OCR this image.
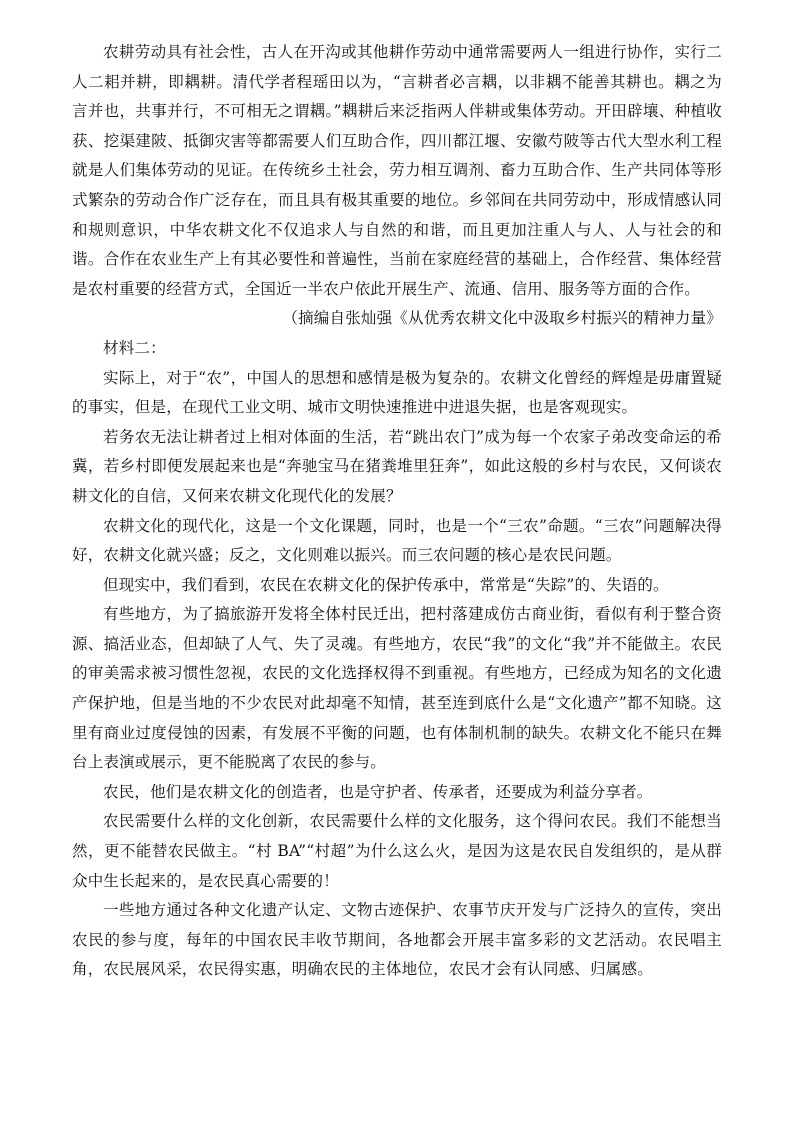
农耕劳动具有社会性，古人在开沟或其他耕作劳动中通常需要两人一组进行协作，实行二人二耜并耕，即耦耕。清代学者程瑶田以为，“言耕者必言耦，以非耦不能善其耕也。耦之为言并也，共事并行，不可相无之谓耦。”耦耕后来泛指两人伴耕或集体劳动。开田辟壤、种植收获、挖渠建陂、抵御灾害等都需要人们互助合作，四川都江堰、安徽芍陂等古代大型水利工程就是人们集体劳动的见证。在传统乡土社会，劳力相互调剂、畜力互助合作、生产共同体等形式繁杂的劳动合作广泛存在，而且具有极其重要的地位。乡邻间在共同劳动中，形成情感认同和规则意识，中华农耕文化不仅追求人与自然的和谐，而且更加注重人与人、人与社会的和谐。合作在农业生产上有其必要性和普遍性，当前在家庭经营的基础上，合作经营、集体经营是农村重要的经营方式，全国近一半农户依此开展生产、流通、信用、服务等方面的合作。

（摘编自张灿强《从优秀农耕文化中汲取乡村振兴的精神力量》

材料二：

实际上，对于“农”，中国人的思想和感情是极为复杂的。农耕文化曾经的辉煌是毋庸置疑的事实，但是，在现代工业文明、城市文明快速推进中进退失据，也是客观现实。

若务农无法让耕者过上相对体面的生活，若“跳出农门”成为每一个农家子弟改变命运的希冀，若乡村即便发展起来也是“奔驰宝马在猪粪堆里狂奔”，如此这般的乡村与农民，又何谈农耕文化的自信，又何来农耕文化现代化的发展？

农耕文化的现代化，这是一个文化课题，同时，也是一个“三农”命题。“三农”问题解决得好，农耕文化就兴盛；反之，文化则难以振兴。而三农问题的核心是农民问题。

但现实中，我们看到，农民在农耕文化的保护传承中，常常是“失踪”的、失语的。

有些地方，为了搞旅游开发将全体村民迁出，把村落建成仿古商业街，看似有利于整合资源、搞活业态，但却缺了人气、失了灵魂。有些地方，农民“我”的文化“我”并不能做主。农民的审美需求被习惯性忽视，农民的文化选择权得不到重视。有些地方，已经成为知名的文化遗产保护地，但是当地的不少农民对此却毫不知情，甚至连到底什么是“文化遗产”都不知晓。这里有商业过度侵蚀的因素，有发展不平衡的问题，也有体制机制的缺失。农耕文化不能只在舞台上表演或展示，更不能脱离了农民的参与。

农民，他们是农耕文化的创造者，也是守护者、传承者，还要成为利益分享者。

农民需要什么样的文化创新，农民需要什么样的文化服务，这个得问农民。我们不能想当然，更不能替农民做主。“村 BA”“村超”为什么这么火，是因为这是农民自发组织的，是从群众中生长起来的，是农民真心需要的！

一些地方通过各种文化遗产认定、文物古迹保护、农事节庆开发与广泛持久的宣传，突出农民的参与度，每年的中国农民丰收节期间，各地都会开展丰富多彩的文艺活动。农民唱主角，农民展风采，农民得实惠，明确农民的主体地位，农民才会有认同感、归属感。
